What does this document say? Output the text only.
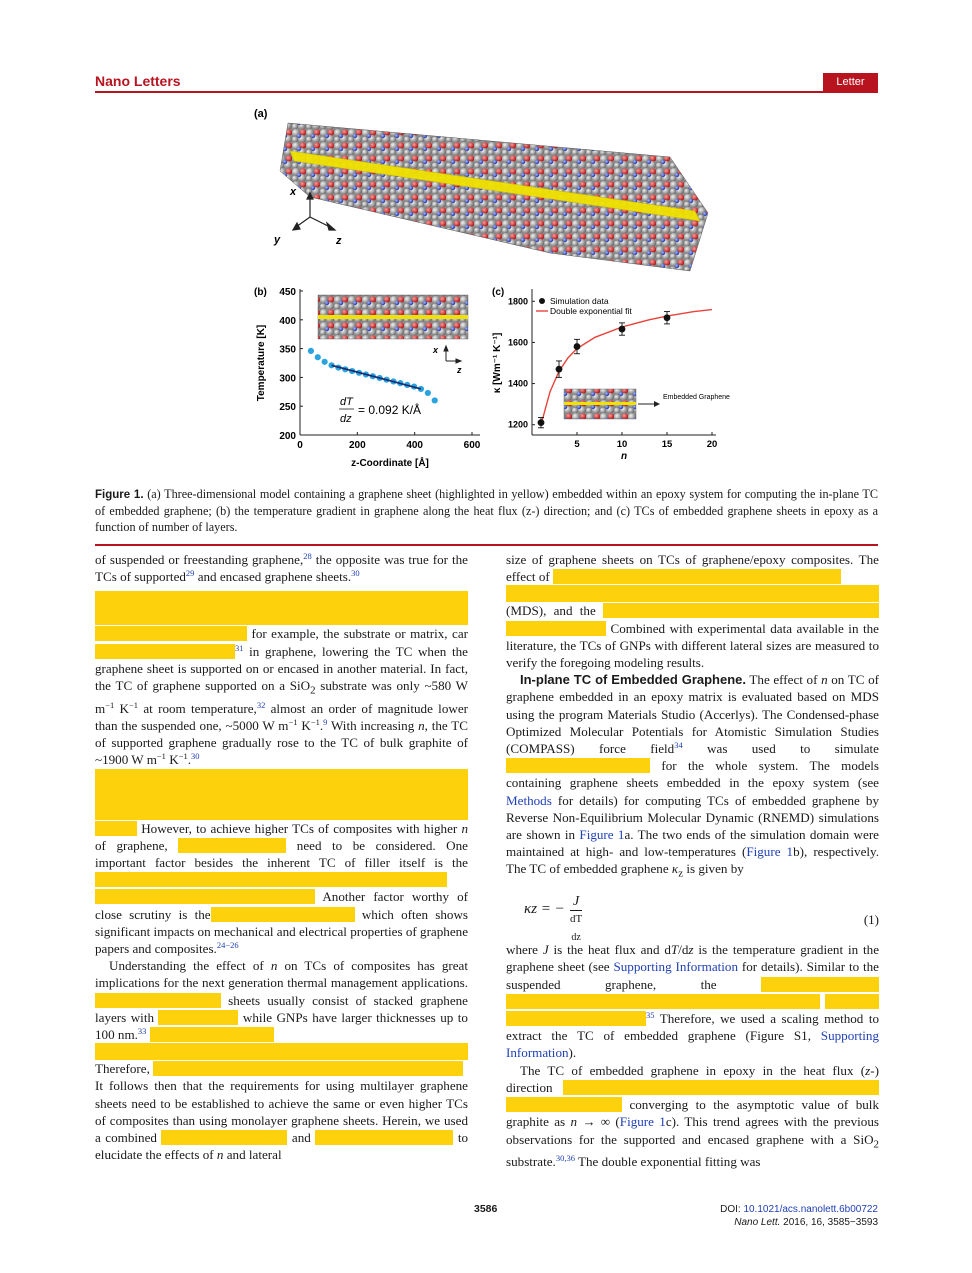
Nano Letters	Letter
(a)
x
y	z
(b)
0	200	400	600
450
400
350
300
250
200
x
z
dT
dz
= 0.092 K/Å
z-Coordinate [Å]
Temperature [K]
(c)
5	10	15	20
1800
1600
1400
1200
Simulation data
Double exponential fit
Embedded Graphene
n
κ [Wm⁻¹ K⁻¹]
Figure 1. (a) Three-dimensional model containing a graphene sheet (highlighted in yellow) embedded within an epoxy system for computing the in-plane TC of embedded graphene; (b) the temperature gradient in graphene along the heat flux (z-) direction; and (c) TCs of embedded graphene sheets in epoxy as a function of number of layers.

of suspended or freestanding graphene,$^{28}$ the opposite was true for the TCs of supported$^{29}$ and encased graphene sheets.$^{30}$
for example, the substrate or matrix, car$^{31}$ in graphene, lowering the TC when the graphene sheet is supported on or encased in another material. In fact, the TC of graphene supported on a SiO$_2$ substrate was only ~580 W $m^{-1}$ $K^{-1}$ at room temperature,$^{32}$ almost an order of magnitude lower than the suspended one, ~5000 W $m^{-1}$ $K^{-1}.^9$ With increasing n, the TC of supported graphene gradually rose to the TC of bulk graphite of ~1900 W $m^{-1}$ $K^{-1}.^{30}$
However, to achieve higher TCs of composites with higher n of graphene,	need to be considered. One important factor besides the inherent TC of filler itself is the  Another factor worthy of close scrutiny is the	which often shows significant impacts on mechanical and electrical properties of graphene papers and composites.$^{24-26}$

Understanding the effect of n on TCs of composites has great implications for the next generation thermal management applications.  sheets usually consist of stacked graphene layers with	while GNPs have larger thicknesses up to 100 nm.$^{33}$
Therefore,

It follows then that the requirements for using multilayer graphene sheets need to be established to achieve the same or even higher TCs of composites than using monolayer graphene sheets. Herein, we used a combined	and	to elucidate the effects of n and lateral

size of graphene sheets on TCs of graphene/epoxy composites. The effect of
(MDS), and the   Combined with experimental data available in the literature, the TCs of GNPs with different lateral sizes are measured to verify the foregoing modeling results.

In-plane TC of Embedded Graphene. The effect of n on TC of graphene embedded in an epoxy matrix is evaluated based on MDS using the program Materials Studio (Accerlys). The Condensed-phase Optimized Molecular Potentials for Atomistic Simulation Studies (COMPASS) force field$^{34}$ was used to simulate  for the whole system. The models containing graphene sheets embedded in the epoxy system (see Methods for details) for computing TCs of embedded graphene by Reverse Non-Equilibrium Molecular Dynamic (RNEMD) simulations are shown in Figure 1a. The two ends of the simulation domain were maintained at high- and low-temperatures (Figure 1b), respectively. The TC of embedded graphene $\kappa_z$ is given by

κz = − J
dT
dz
(1)

where J is the heat flux and dT/dz is the temperature gradient in the graphene sheet (see Supporting Information for details). Similar to the suspended graphene, the    $^{35}$ Therefore, we used a scaling method to extract the TC of embedded graphene (Figure S1, Supporting Information).

The TC of embedded graphene in epoxy in the heat flux (z-) direction   converging to the asymptotic value of bulk graphite as n → ∞ (Figure 1c). This trend agrees with the previous observations for the supported and encased graphene with a SiO$_2$ substrate.$^{30,36}$ The double exponential fitting was

3586	DOI: 10.1021/acs.nanolett.6b00722
Nano Lett. 2016, 16, 3585−3593
